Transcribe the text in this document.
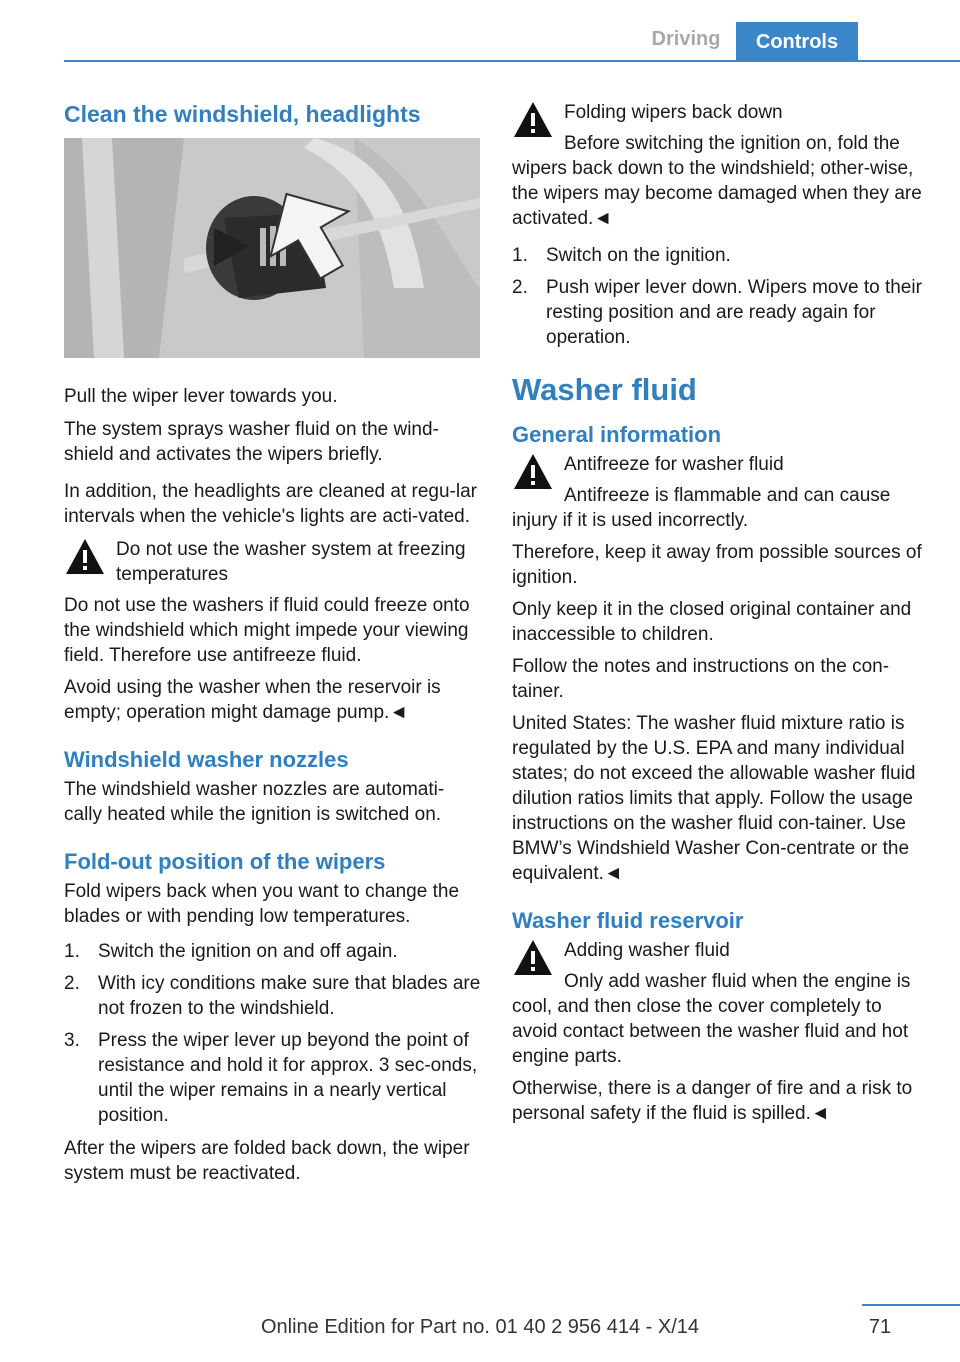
Driving	Controls
Clean the windshield, headlights

Pull the wiper lever towards you.

The system sprays washer fluid on the wind‐shield and activates the wipers briefly.

In addition, the headlights are cleaned at regu‐lar intervals when the vehicle's lights are acti‐vated.

Do not use the washer system at freezing temperatures

Do not use the washers if fluid could freeze onto the windshield which might impede your viewing field. Therefore use antifreeze fluid.

Avoid using the washer when the reservoir is empty; operation might damage pump.◄

Windshield washer nozzles

The windshield washer nozzles are automati‐cally heated while the ignition is switched on.

Fold-out position of the wipers

Fold wipers back when you want to change the blades or with pending low temperatures.

1. Switch the ignition on and off again.
2. With icy conditions make sure that blades are not frozen to the windshield.
3. Press the wiper lever up beyond the point of resistance and hold it for approx. 3 sec‐onds, until the wiper remains in a nearly vertical position.

After the wipers are folded back down, the wiper system must be reactivated.

Folding wipers back down

Before switching the ignition on, fold the wipers back down to the windshield; other‐wise, the wipers may become damaged when they are activated.◄

1. Switch on the ignition.
2. Push wiper lever down. Wipers move to their resting position and are ready again for operation.
Washer fluid
General information

Antifreeze for washer fluid

Antifreeze is flammable and can cause injury if it is used incorrectly.

Therefore, keep it away from possible sources of ignition.

Only keep it in the closed original container and inaccessible to children.

Follow the notes and instructions on the con‐tainer.

United States: The washer fluid mixture ratio is regulated by the U.S. EPA and many individual states; do not exceed the allowable washer fluid dilution ratios limits that apply. Follow the usage instructions on the washer fluid con‐tainer. Use BMW’s Windshield Washer Con‐centrate or the equivalent.◄

Washer fluid reservoir

Adding washer fluid

Only add washer fluid when the engine is cool, and then close the cover completely to avoid contact between the washer fluid and hot engine parts.

Otherwise, there is a danger of fire and a risk to personal safety if the fluid is spilled.◄

71
Online Edition for Part no. 01 40 2 956 414 - X/14
